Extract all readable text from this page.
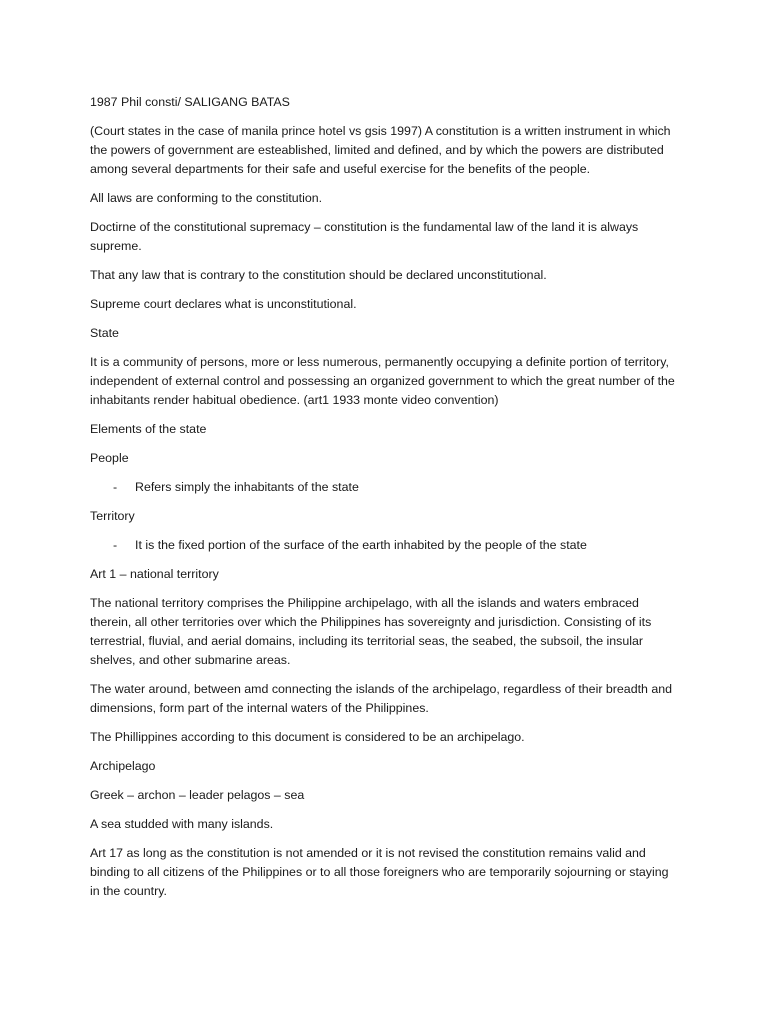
1987 Phil consti/ SALIGANG BATAS

(Court states in the case of manila prince hotel vs gsis 1997) A constitution is a written instrument in which the powers of government are esteablished, limited and defined, and by which the powers are distributed among several departments for their safe and useful exercise for the benefits of the people.

All laws are conforming to the constitution.

Doctirne of the constitutional supremacy – constitution is the fundamental law of the land it is always supreme.

That any law that is contrary to the constitution should be declared unconstitutional.

Supreme court declares what is unconstitutional.

State

It is a community of persons, more or less numerous, permanently occupying a definite portion of territory, independent of external control and possessing an organized government to which the great number of the inhabitants render habitual obedience. (art1 1933 monte video convention)

Elements of the state

People

- Refers simply the inhabitants of the state

Territory

- It is the fixed portion of the surface of the earth inhabited by the people of the state

Art 1 – national territory

The national territory comprises the Philippine archipelago, with all the islands and waters embraced therein, all other territories over which the Philippines has sovereignty and jurisdiction. Consisting of its terrestrial, fluvial, and aerial domains, including its territorial seas, the seabed, the subsoil, the insular shelves, and other submarine areas.

The water around, between amd connecting the islands of the archipelago, regardless of their breadth and dimensions, form part of the internal waters of the Philippines.

The Phillippines according to this document is considered to be an archipelago.

Archipelago

Greek – archon – leader pelagos – sea

A sea studded with many islands.

Art 17 as long as the constitution is not amended or it is not revised the constitution remains valid and binding to all citizens of the Philippines or to all those foreigners who are temporarily sojourning or staying in the country.
